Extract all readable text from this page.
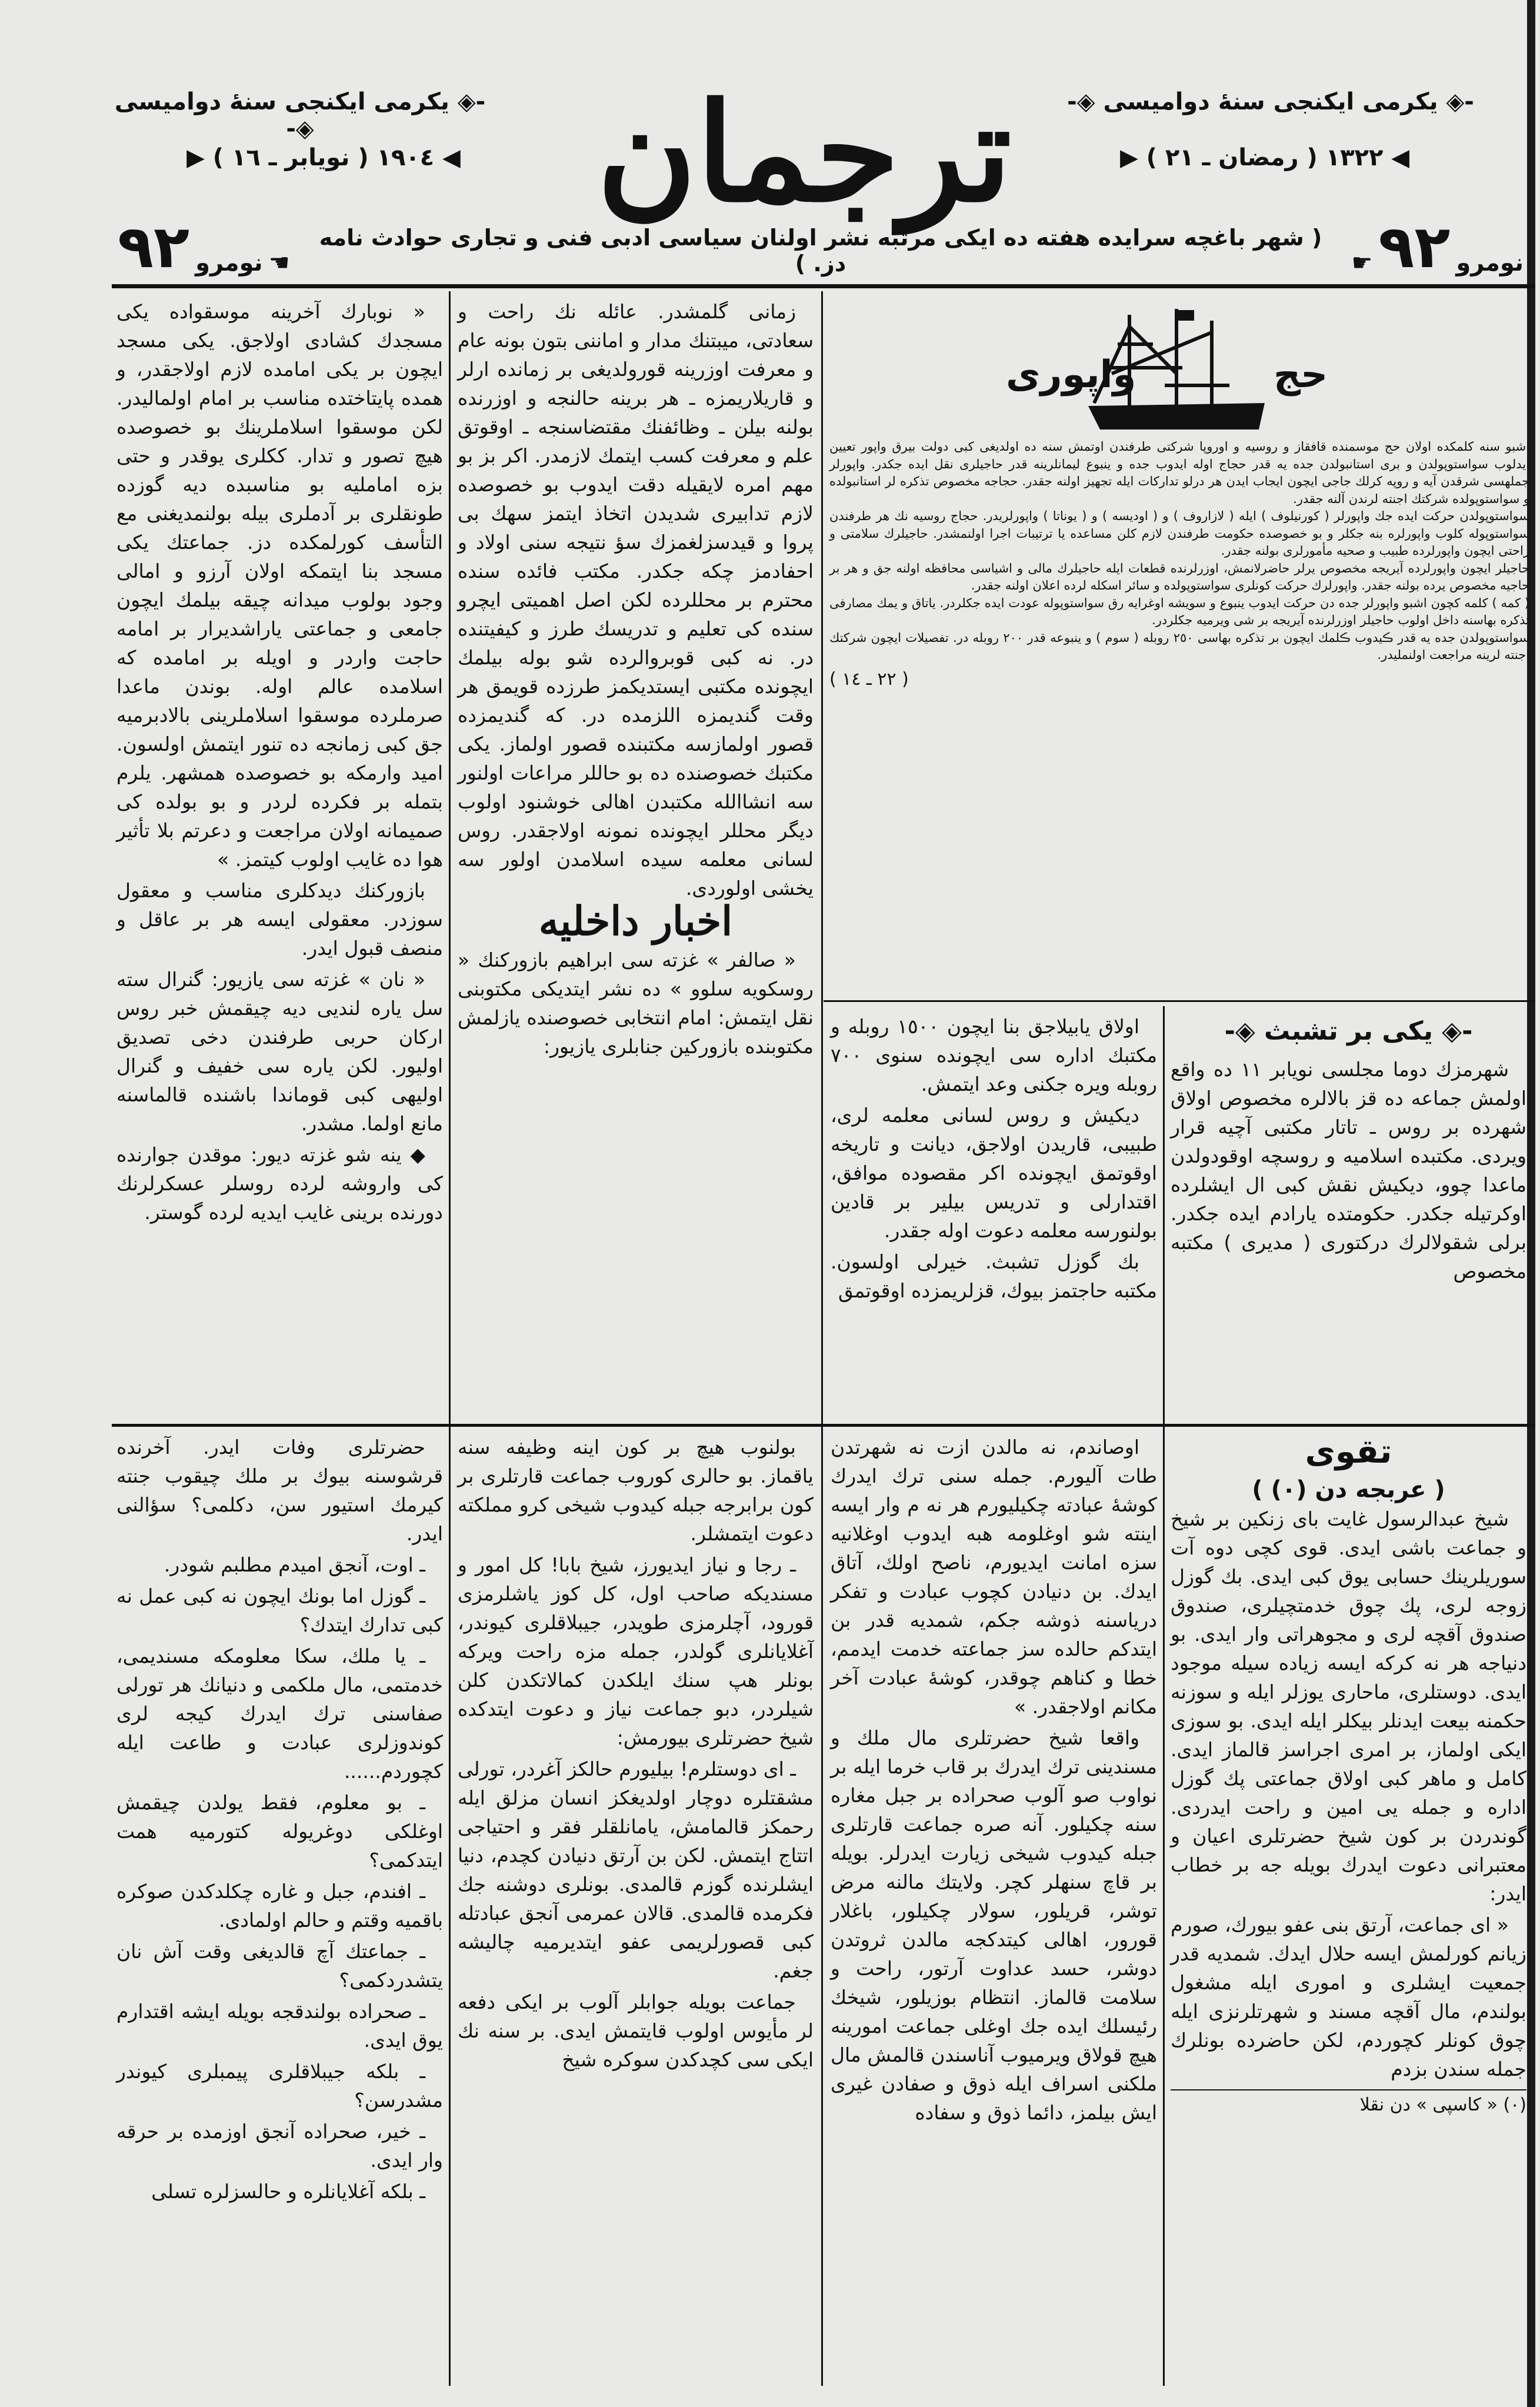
ترجمان
-◈ يكرمى ايكنجى سنهٔ دواميسى ◈-
-◈ يكرمى ايكنجى سنهٔ دواميسى ◈-
◀ ١٩٠٤ ( نويابر ـ ١٦ ) ▶	◀ ١٣٢٢ ( رمضان ـ ٢١ ) ▶
نومرو
٩٢
☛
( شهر باغچه سرايده هفته ده ايكى مرتبه نشر اولنان سياسى ادبى فنى و تجارى حوادث نامه دز. )
☚
نومرو
٩٢
حج
واپورى

اشبو سنه كلمكده اولان حج موسمنده قافقاز و روسيه و اوروپا شركتى طرفندن اوتمش سنه ده اولديغى كبى دولت بيرق واپور تعيين ايدلوب سواستوپولدن و برى استانبولدن جده يه قدر حجاج اوله ايدوب جده و ينبوع ليمانلرينه قدر حاجيلرى نقل ايده جكدر. واپورلر جملهسى شرقدن آيه و روپه كرلك جاجى ايچون ايجاب ايدن هر درلو تداركات ايله تجهيز اولنه جقدر. حجاجه مخصوص تذكره لر استانبولده و سواستوپولده شركتك اجنته لرندن آلنه جقدر.

سواستوپولدن حركت ايده جك واپورلر ( كورنيلوف ) ايله ( لازاروف ) و ( اوديسه ) و ( يوناتا ) واپورلريدر. حجاج روسيه نك هر طرفندن سواستوپوله كلوب واپورلره بنه جكلر و بو خصوصده حكومت طرفندن لازم كلن مساعده يا ترتيبات اجرا اولنمشدر. حاجيلرك سلامتى و راحتى ايچون واپورلرده طبيب و صحيه مأمورلرى بولنه جقدر.

حاجيلر ايچون واپورلرده آيريجه مخصوص يرلر حاضرلانمش، اوزرلرنده قطعات ايله حاجيلرك مالى و اشياسى محافظه اولنه جق و هر بر حاجيه مخصوص يرده بولنه جقدر. واپورلرك حركت كونلرى سواستوپولده و سائر اسكله لرده اعلان اولنه جقدر.

( كمه ) كلمه كچون اشبو واپورلر جده دن حركت ايدوب ينبوع و سويشه اوغرايه رق سواستوپوله عودت ايده جكلردر. ياتاق و يمك مصارفى تذكره بهاسنه داخل اولوب حاجيلر اوزرلرنده آيريجه بر شى ويرميه جكلردر.

سواستوپولدن جده يه قدر ڪيدوب ڪلمك ايچون بر تذكره بهاسى ٢٥٠ روبله ( سوم ) و ينبوعه قدر ٢٠٠ روبله در. تفصيلات ايچون شركتك اجنته لرينه مراجعت اولنمليدر.

( ٢٢ ـ ١٤ )
-◈ يكى بر تشبث ◈-

شهرمزك دوما مجلسى نويابر ١١ ده واقع اولمش جماعه ده قز بالالره مخصوص اولاق شهرده بر روس ـ تاتار مكتبى آچيه قرار ويردى. مكتبده اسلاميه و روسچه اوقودولدن ماعدا چوو، ديكيش نقش كبى ال ايشلرده اوكرتيله جكدر. حكومتده يارادم ايده جكدر. برلى شقولالرك دركتورى ( مديرى ) مكتبه مخصوص

اولاق يابيلاجق بنا ايچون ١٥٠٠ روبله و مكتبك اداره سى ايچونده سنوى ٧٠٠ روبله ويره جكنى وعد ايتمش.

ديكيش و روس لسانى معلمه لرى، طبيبى، قاريدن اولاجق، ديانت و تاريخه اوقوتمق ايچونده اكر مقصوده موافق، اقتدارلى و تدريس بيلير بر قادين بولنورسه معلمه دعوت اوله جقدر.

بك گوزل تشبث. خيرلى اولسون. مكتبه حاجتمز بيوك، قزلريمزده اوقوتمق

زمانى گلمشدر. عائله نك راحت و سعادتى، ميبتنك مدار و اماننى بتون بونه عام و معرفت اوزرينه قورولديغى بر زمانده ارلر و قاريلاريمزه ـ هر برينه حالنجه و اوزرنده بولنه بيلن ـ وظائفنك مقتضاسنجه ـ اوقوتق علم و معرفت كسب ايتمك لازمدر. اكر بز بو مهم امره لايقيله دقت ايدوب بو خصوصده لازم تدابيرى شديدن اتخاذ ايتمز سهك بى پروا و قيدسزلغمزك سؤ نتيجه سنى اولاد و احفادمز چكه جكدر. مكتب فائده سنده محترم بر محللرده لكن اصل اهميتى ايچرو سنده كى تعليم و تدريسك طرز و كيفيتنده در. نه كبى قوبروالرده شو بوله بيلمك ايچونده مكتبى ايستديكمز طرزده قويمق هر وقت گنديمزه اللزمده در. كه گنديمزده قصور اولمازسه مكتبنده قصور اولماز. يكى مكتبك خصوصنده ده بو حاللر مراعات اولنور سه انشاالله مكتبدن اهالى خوشنود اولوب ديگر محللر ايچونده نمونه اولاجقدر. روس لسانى معلمه سيده اسلامدن اولور سه يخشى اولوردى.

اخبار داخليه

« صالفر » غزته سى ابراهيم بازوركنك « روسكويه سلوو » ده نشر ايتديكى مكتوبنى نقل ايتمش: امام انتخابى خصوصنده يازلمش مكتوبنده بازوركين جنابلرى يازيور:

« نوبارك آخرينه موسقواده يكى مسجدك كشادى اولاجق. يكى مسجد ايچون بر يكى امامده لازم اولاجقدر، و همده پايتاختده مناسب بر امام اولماليدر. لكن موسقوا اسلاملرينك بو خصوصده هيچ تصور و تدار. ككلرى يوقدر و حتى بزه امامليه بو مناسبده ديه گوزده طونقلرى بر آدملرى بيله بولنمديغنى مع التأسف كورلمكده دز. جماعتك يكى مسجد بنا ايتمكه اولان آرزو و امالى وجود بولوب ميدانه چيقه بيلمك ايچون جامعى و جماعتى ياراشديرار بر امامه حاجت واردر و اويله بر امامده كه اسلامده عالم اوله. بوندن ماعدا صرملرده موسقوا اسلاملرينى بالادبرميه جق كبى زمانجه ده تنور ايتمش اولسون. اميد وارمكه بو خصوصده همشهر. يلرم بتمله بر فكرده لردر و بو بولده كى صميمانه اولان مراجعت و دعرتم بلا تأثير هوا ده غايب اولوب كيتمز. »

بازوركنك ديدكلرى مناسب و معقول سوزدر. معقولى ايسه هر بر عاقل و منصف قبول ايدر.

« نان » غزته سى يازيور: گنرال سته سل ياره لنديى ديه چيقمش خبر روس اركان حربى طرفندن دخى تصديق اوليور. لكن ياره سى خفيف و گنرال اوليهى كبى قوماندا باشنده قالماسنه مانع اولما. مشدر.

◆ ينه شو غزته ديور: موقدن جوارنده كى واروشه لرده روسلر عسكرلرنك دورنده برينى غايب ايديه لرده گوستر.

تقوى
( عربجه دن (٠) )

شيخ عبدالرسول غايت باى زنكين بر شيخ و جماعت باشى ايدى. قوى كچى دوه آت سوريلرينك حسابى يوق كبى ايدى. بك گوزل زوجه لرى، پك چوق خدمتچيلرى، صندوق صندوق آقچه لرى و مجوهراتى وار ايدى. بو دنياجه هر نه كركه ايسه زياده سيله موجود ايدى. دوستلرى، ماحارى يوزلر ايله و سوزنه حكمنه بيعت ايدنلر بيكلر ايله ايدى. بو سوزى ايكى اولماز، بر امرى اجراسز قالماز ايدى. كامل و ماهر كبى اولاق جماعتى پك گوزل اداره و جمله يى امين و راحت ايدردى. گوندردن بر كون شيخ حضرتلرى اعيان و معتبرانى دعوت ايدرك بويله جه بر خطاب ايدر:

« اى جماعت، آرتق بنى عفو بيورك، صورم زيانم كورلمش ايسه حلال ايدك. شمديه قدر جمعيت ايشلرى و امورى ايله مشغول بولندم، مال آقچه مسند و شهرتلرنزى ايله چوق كونلر كچوردم، لكن حاضرده بونلرك جمله سندن بزدم

(٠) « كاسپى » دن نقلا

اوصاندم، نه مالدن ازت نه شهرتدن طات آليورم. جمله سنى ترك ايدرك كوشهٔ عبادته چكيليورم هر نه م وار ايسه اينته شو اوغلومه هبه ايدوب اوغلانيه سزه امانت ايديورم، ناصح اولك، آتاق ايدك. بن دنيادن كچوب عبادت و تفكر درياسنه ذوشه جكم، شمديه قدر بن ايتدكم حالده سز جماعته خدمت ايدمم، خطا و كناهم چوقدر، كوشهٔ عبادت آخر مكانم اولاجقدر. »

واقعا شيخ حضرتلرى مال ملك و مسندينى ترك ايدرك بر قاب خرما ايله بر نواوب صو آلوب صحراده بر جبل مغاره سنه چكيلور. آنه صره جماعت قارتلرى جبله كيدوب شيخى زيارت ايدرلر. بويله بر قاچ سنهلر كچر. ولايتك مالنه مرض توشر، قريلور، سولار چكيلور، باغلار قورور، اهالى كيتدكجه مالدن ثروتدن دوشر، حسد عداوت آرتور، راحت و سلامت قالماز. انتظام بوزيلور، شيخك رئيسلك ايده جك اوغلى جماعت امورينه هيچ قولاق ويرميوب آناسندن قالمش مال ملكنى اسراف ايله ذوق و صفادن غيرى ايش بيلمز، دائما ذوق و سفاده

بولنوب هيچ بر كون اينه وظيفه سنه ياقماز. بو حالرى كوروب جماعت قارتلرى بر كون برابرجه جبله كيدوب شيخى كرو مملكته دعوت ايتمشلر.

ـ رجا و نياز ايديورز، شيخ بابا! كل امور و مسنديكه صاحب اول، كل كوز ياشلرمزى قورود، آچلرمزى طويدر، جيبلاقلرى كيوندر، آغلايانلرى گولدر، جمله مزه راحت ويركه بونلر هپ سنك ايلكدن كمالاتكدن كلن شيلردر، دبو جماعت نياز و دعوت ايتدكده شيخ حضرتلرى بيورمش:

ـ اى دوستلرم! بيليورم حالكز آغردر، تورلى مشقتلره دوچار اولديغكز انسان مزلق ايله رحمكز قالمامش، يامانلقلر فقر و احتياجى اتتاج ايتمش. لكن بن آرتق دنيادن كچدم، دنيا ايشلرنده گوزم قالمدى. بونلرى دوشنه جك فكرمده قالمدى. قالان عمرمى آنجق عبادتله كبى قصورلريمى عفو ايتديرميه چاليشه جغم.

جماعت بويله جوابلر آلوب بر ايكى دفعه لر مأيوس اولوب قايتمش ايدى. بر سنه نك ايكى سى كچدكدن سوكره شيخ

حضرتلرى وفات ايدر. آخرنده قرشوسنه بيوك بر ملك چيقوب جنته كيرمك استيور سن، دكلمى؟ سؤالنى ايدر.

ـ اوت، آنجق اميدم مطلبم شودر.

ـ گوزل اما بونك ايچون نه كبى عمل نه كبى تدارك ايتدك؟

ـ يا ملك، سكا معلومكه مسنديمى، خدمتمى، مال ملكمى و دنيانك هر تورلى صفاسنى ترك ايدرك كيجه لرى كوندوزلرى عبادت و طاعت ايله كچوردم......

ـ بو معلوم، فقط يولدن چيقمش اوغلكى دوغريوله كتورميه همت ايتدكمى؟

ـ افندم، جبل و غاره چكلدكدن صوكره باقميه وقتم و حالم اولمادى.

ـ جماعتك آچ قالديغى وقت آش نان يتشدردكمى؟

ـ صحراده بولندقجه بويله ايشه اقتدارم يوق ايدى.

ـ بلكه جيبلاقلرى پيمبلرى كيوندر مشدرسن؟

ـ خير، صحراده آنجق اوزمده بر حرقه وار ايدى.

ـ بلكه آغلايانلره و حالسزلره تسلى
